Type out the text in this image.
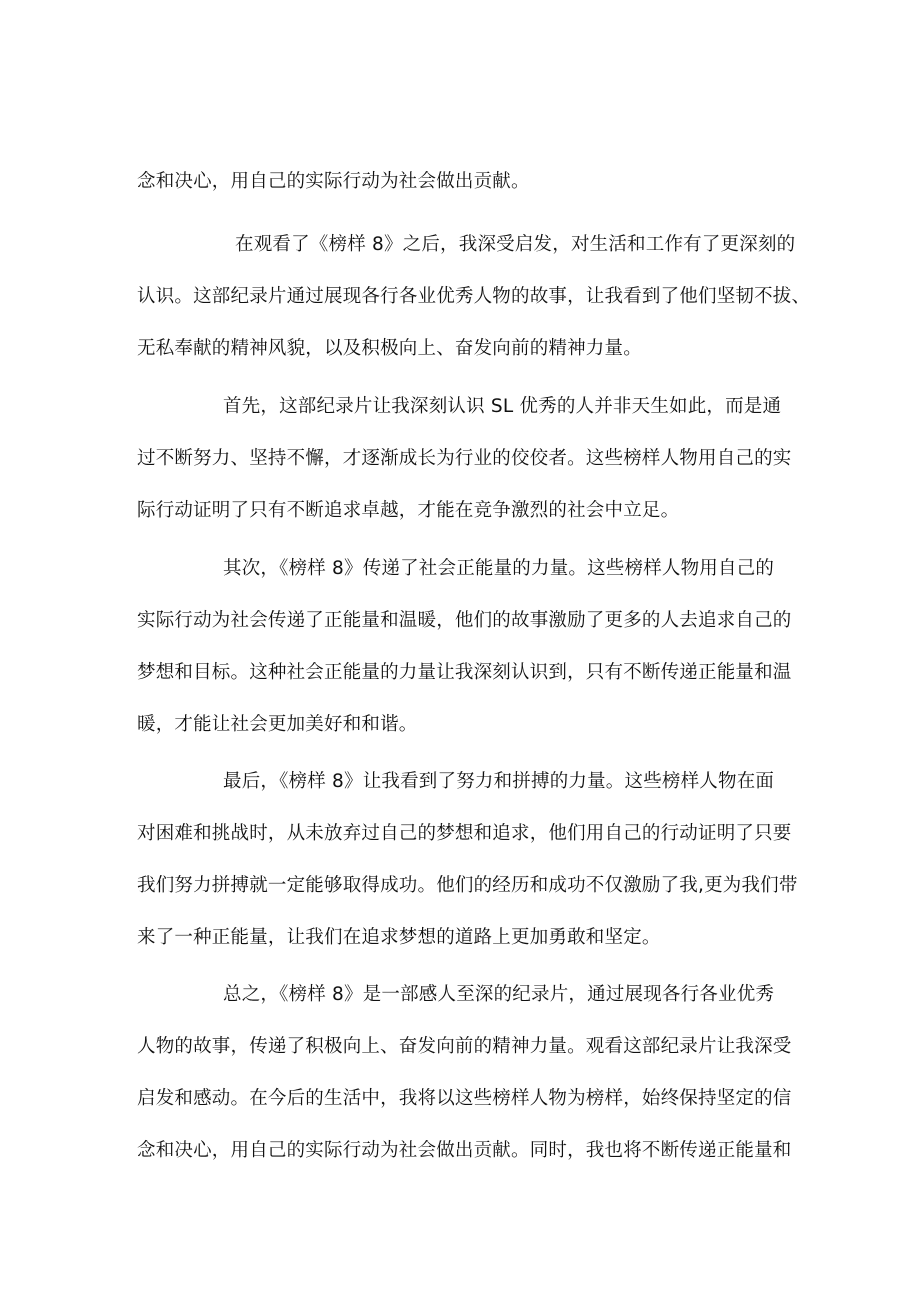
念和决心，用自己的实际行动为社会做出贡献。
在观看了《榜样 8》之后，我深受启发，对生活和工作有了更深刻的
认识。这部纪录片通过展现各行各业优秀人物的故事，让我看到了他们坚韧不拔、
无私奉献的精神风貌，以及积极向上、奋发向前的精神力量。
首先，这部纪录片让我深刻认识 SL 优秀的人并非天生如此，而是通
过不断努力、坚持不懈，才逐渐成长为行业的佼佼者。这些榜样人物用自己的实
际行动证明了只有不断追求卓越，才能在竞争激烈的社会中立足。
其次，《榜样 8》传递了社会正能量的力量。这些榜样人物用自己的
实际行动为社会传递了正能量和温暖，他们的故事激励了更多的人去追求自己的
梦想和目标。这种社会正能量的力量让我深刻认识到，只有不断传递正能量和温
暖，才能让社会更加美好和和谐。
最后，《榜样 8》让我看到了努力和拼搏的力量。这些榜样人物在面
对困难和挑战时，从未放弃过自己的梦想和追求，他们用自己的行动证明了只要
我们努力拼搏就一定能够取得成功。他们的经历和成功不仅激励了我,更为我们带
来了一种正能量，让我们在追求梦想的道路上更加勇敢和坚定。
总之，《榜样 8》是一部感人至深的纪录片，通过展现各行各业优秀
人物的故事，传递了积极向上、奋发向前的精神力量。观看这部纪录片让我深受
启发和感动。在今后的生活中，我将以这些榜样人物为榜样，始终保持坚定的信
念和决心，用自己的实际行动为社会做出贡献。同时，我也将不断传递正能量和
